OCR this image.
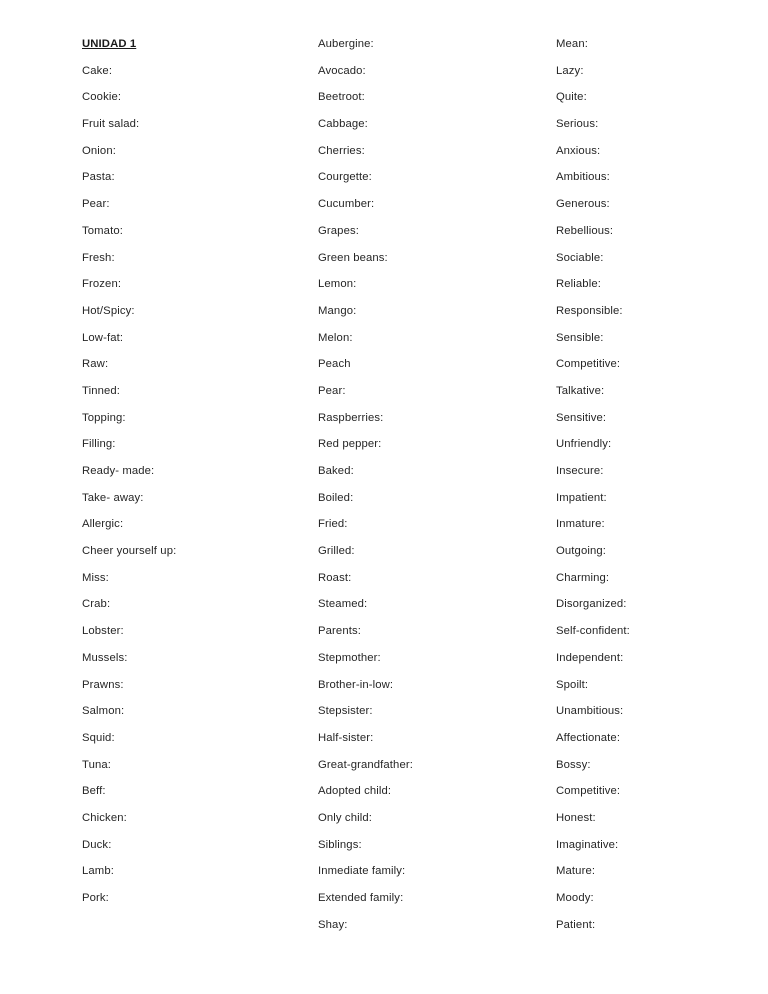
UNIDAD 1
Cake:
Cookie:
Fruit salad:
Onion:
Pasta:
Pear:
Tomato:
Fresh:
Frozen:
Hot/Spicy:
Low-fat:
Raw:
Tinned:
Topping:
Filling:
Ready- made:
Take- away:
Allergic:
Cheer yourself up:
Miss:
Crab:
Lobster:
Mussels:
Prawns:
Salmon:
Squid:
Tuna:
Beff:
Chicken:
Duck:
Lamb:
Pork:
Aubergine:
Avocado:
Beetroot:
Cabbage:
Cherries:
Courgette:
Cucumber:
Grapes:
Green beans:
Lemon:
Mango:
Melon:
Peach
Pear:
Raspberries:
Red pepper:
Baked:
Boiled:
Fried:
Grilled:
Roast:
Steamed:
Parents:
Stepmother:
Brother-in-low:
Stepsister:
Half-sister:
Great-grandfather:
Adopted child:
Only child:
Siblings:
Inmediate family:
Extended family:
Shay:
Mean:
Lazy:
Quite:
Serious:
Anxious:
Ambitious:
Generous:
Rebellious:
Sociable:
Reliable:
Responsible:
Sensible:
Competitive:
Talkative:
Sensitive:
Unfriendly:
Insecure:
Impatient:
Inmature:
Outgoing:
Charming:
Disorganized:
Self-confident:
Independent:
Spoilt:
Unambitious:
Affectionate:
Bossy:
Competitive:
Honest:
Imaginative:
Mature:
Moody:
Patient:
